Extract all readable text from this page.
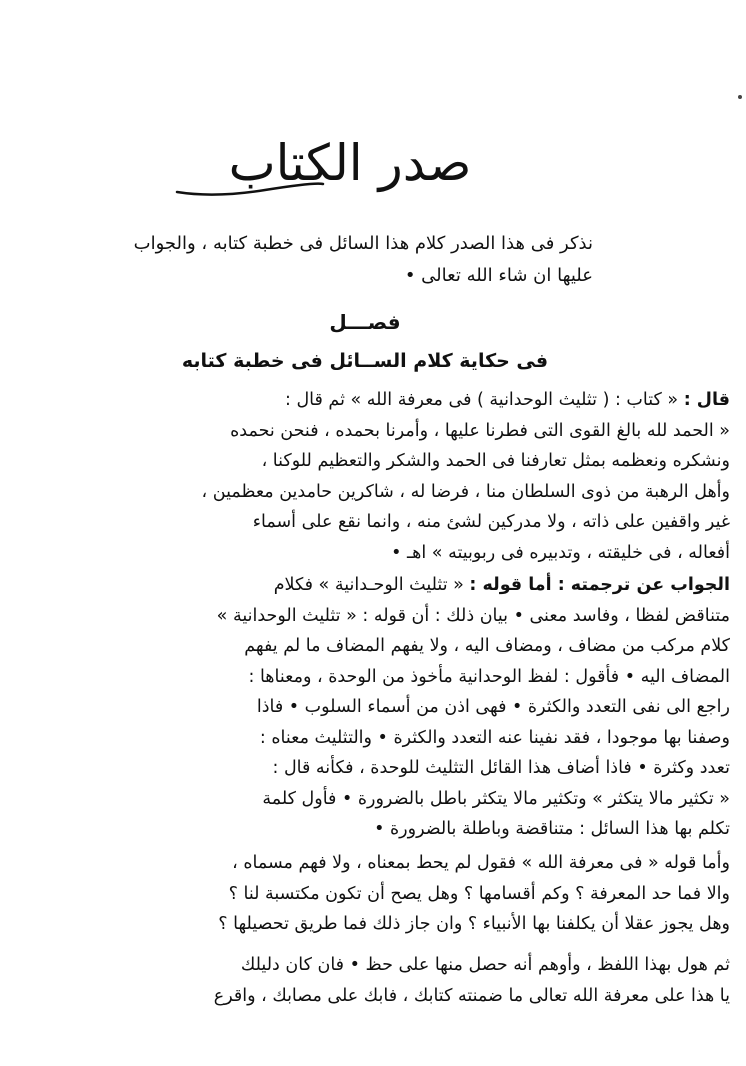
صدر الكتاب
نذكر فى هذا الصدر كلام هذا السائل فى خطبة كتابه ، والجواب
عليها ان شاء الله تعالى •
فصـــل
فى حكاية كلام الســائل فى خطبة كتابه
قال : « كتاب : ( تثليث الوحدانية ) فى معرفة الله » ثم قال :
« الحمد لله بالغ القوى التى فطرنا عليها ، وأمرنا بحمده ، فنحن نحمده
ونشكره ونعظمه بمثل تعارفنا فى الحمد والشكر والتعظيم للوكنا ،
وأهل الرهبة من ذوى السلطان منا ، فرضا له ، شاكرين حامدين معظمين ،
غير واقفين على ذاته ، ولا مدركين لشئ منه ، وانما نقع على أسماء
أفعاله ، فى خليقته ، وتدبيره فى ربوبيته » اهـ •
الجواب عن ترجمته : أما قوله : « تثليث الوحـدانية » فكلام
متناقض لفظا ، وفاسد معنى • بيان ذلك : أن قوله : « تثليث الوحدانية »
كلام مركب من مضاف ، ومضاف اليه ، ولا يفهم المضاف ما لم يفهم
المضاف اليه • فأقول : لفظ الوحدانية مأخوذ من الوحدة ، ومعناها :
راجع الى نفى التعدد والكثرة • فهى اذن من أسماء السلوب • فاذا
وصفنا بها موجودا ، فقد نفينا عنه التعدد والكثرة • والتثليث معناه :
تعدد وكثرة • فاذا أضاف هذا القائل التثليث للوحدة ، فكأنه قال :
« تكثير مالا يتكثر » وتكثير مالا يتكثر باطل بالضرورة • فأول كلمة
تكلم بها هذا السائل : متناقضة وباطلة بالضرورة •
وأما قوله « فى معرفة الله » فقول لم يحط بمعناه ، ولا فهم مسماه ،
والا فما حد المعرفة ؟ وكم أقسامها ؟ وهل يصح أن تكون مكتسبة لنا ؟
وهل يجوز عقلا أن يكلفنا بها الأنبياء ؟ وان جاز ذلك فما طريق تحصيلها ؟
ثم هول بهذا اللفظ ، وأوهم أنه حصل منها على حظ • فان كان دليلك
يا هذا على معرفة الله تعالى ما ضمنته كتابك ، فابك على مصابك ، واقرع
